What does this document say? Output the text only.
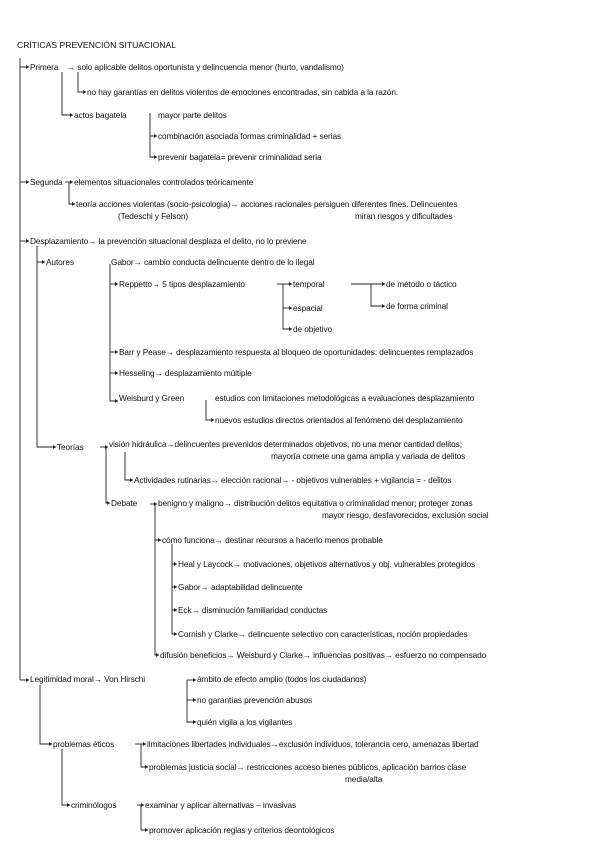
CRÍTICAS PREVENCIÓN SITUACIONAL
Primera → solo aplicable delitos oportunista y delincuencia menor (hurto, vandalismo)
no hay garantías en delitos violentos de emociones encontradas, sin cabida a la razón.
actos bagatela	mayor parte delitos
combinación asociada formas criminalidad + serias
prevenir bagatela= prevenir criminalidad seria
Segunda elementos situacionales controlados teóricamente
teoría acciones violentas (socio-psicología)→ acciones racionales persiguen diferentes fines. Delincuentes
(Tedeschi y Felson)	miran riesgos y dificultades
Desplazamiento→ la prevención situacional desplaza el delito, no lo previene
Autores	Gabor→ cambio conducta delincuente dentro de lo ilegal
Reppetto→ 5 tipos desplazamiento	temporal	de método o táctico
espacial	de forma criminal
de objetivo
Barr y Pease→ desplazamiento respuesta al bloqueo de oportunidades: delincuentes remplazados
Hesseling→ desplazamiento múltiple
Weisburd y Green	estudios con limitaciones metodológicas a evaluaciones desplazamiento
nuevos estudios directos orientados al fenómeno del desplazamiento
Teorías	visión hidráulica→delincuentes prevenidos determinados objetivos, no una menor cantidad delitos;
mayoría comete una gama amplia y variada de delitos
Actividades rutinarias→ elección racional→ - objetivos vulnerables + vigilancia = - delitos
Debate	benigno y maligno→ distribución delitos equitativa o criminalidad menor; proteger zonas
mayor riesgo, desfavorecidos, exclusión social
cómo funciona→ destinar recursos a hacerlo menos probable
Heal y Laycock→ motivaciones, objetivos alternativos y obj. vulnerables protegidos
Gabor→ adaptabilidad delincuente
Eck→ disminución familiaridad conductas
Cornish y Clarke→ delincuente selectivo con características, noción propiedades
difusión beneficios→ Weisburd y Clarke→ influencias positivas→ esfuerzo no compensado
Legitimidad moral→ Von Hirschi	ámbito de efecto amplio (todos los ciudadanos)
no garantías prevención abusos
quién vigila a los vigilantes
problemas éticos	limitaciones libertades individuales→exclusión individuos, tolerancia cero, amenazas libertad
problemas justicia social→ restricciones acceso bienes públicos, aplicación barrios clase
media/alta
criminólogos	examinar y aplicar alternativas – invasivas
promover aplicación reglas y criterios deontológicos
